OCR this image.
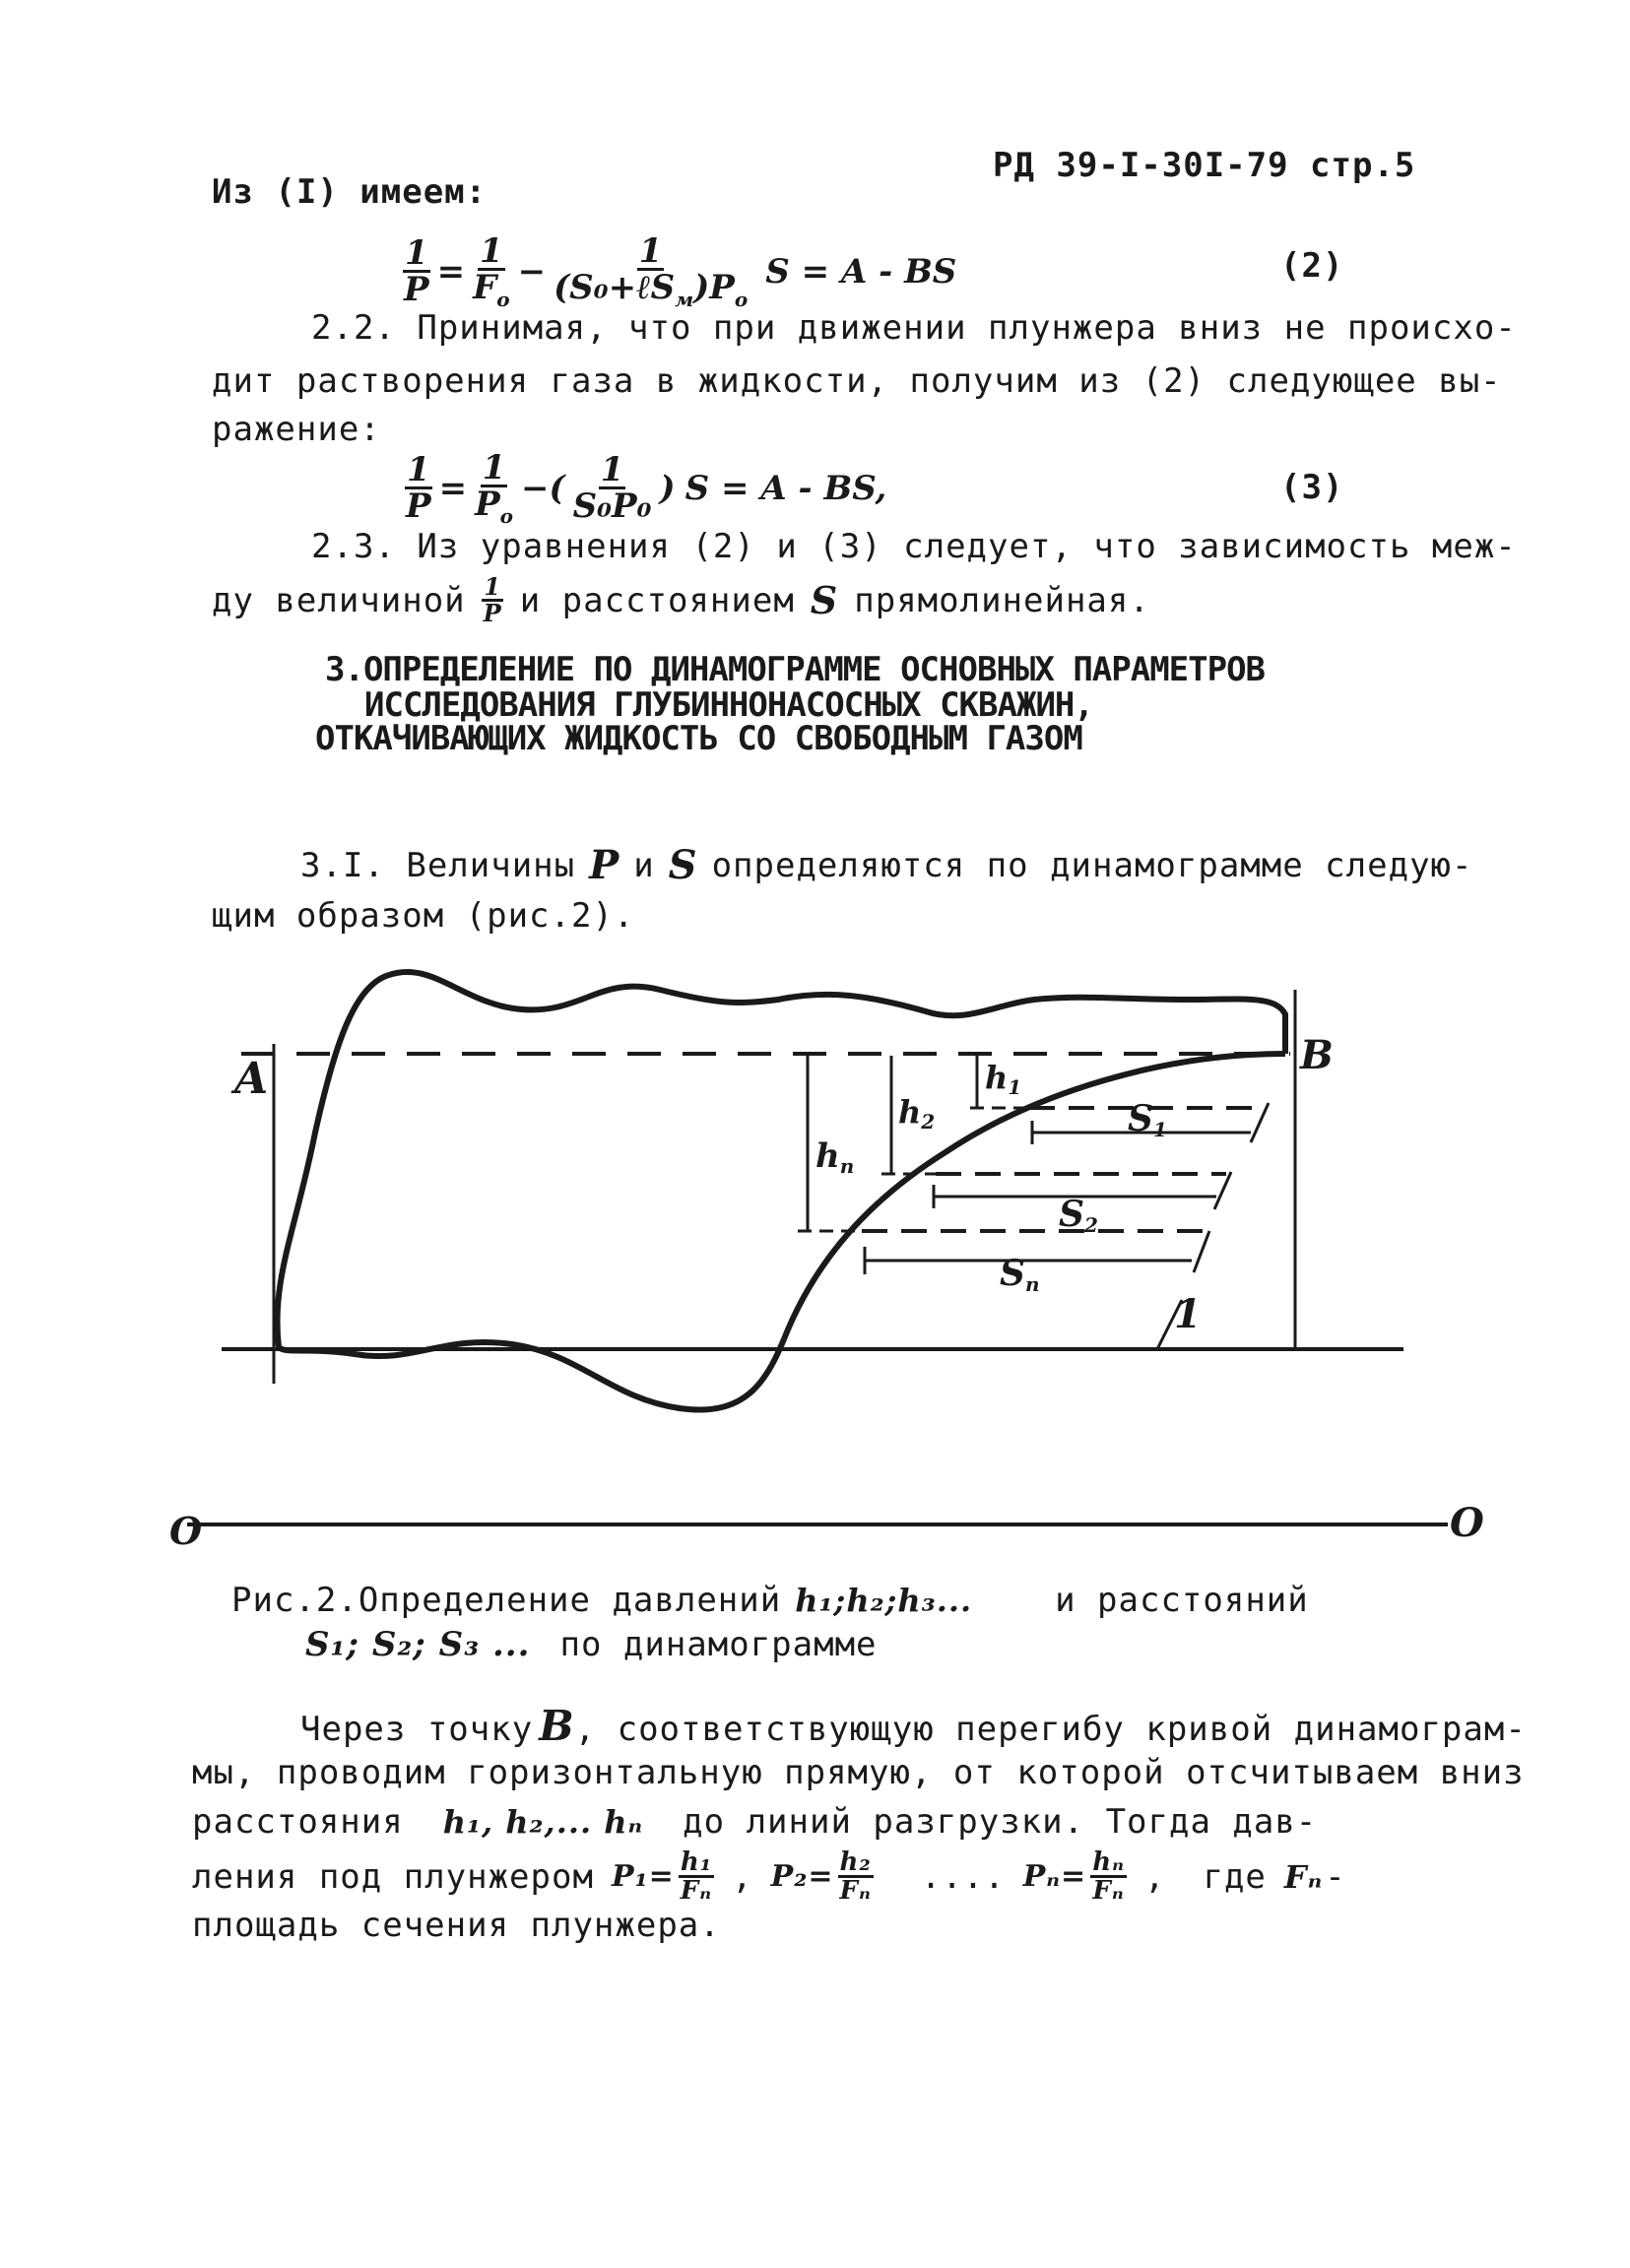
РД 39-I-30I-79 стр.5
Из (I) имеем:
$\frac{1}{P} = \frac{1}{F_o} - \frac{1}{(S_0+\ell S_м)P_o}$ S = A - BS	(2)
2.2. Принимая, что при движении плунжера вниз не происхо-
дит растворения газа в жидкости, получим из (2) следующее вы-
ражение:
$\frac{1}{P} = \frac{1}{P_o}$ −( $\frac{1}{\text{S₀P₀}}$ ) S = A - BS,	(3)
2.3. Из уравнения (2) и (3) следует, что зависимость меж-
ду величиной $\frac{1}{P}$ и расстоянием S прямолинейная.
3.ОПРЕДЕЛЕНИЕ ПО ДИНАМОГРАММЕ ОСНОВНЫХ ПАРАМЕТРОВ
ИССЛЕДОВАНИЯ ГЛУБИННОНАСОСНЫХ СКВАЖИН,
ОТКАЧИВАЮЩИХ ЖИДКОСТЬ СО СВОБОДНЫМ ГАЗОМ
3.I. Величины P и S определяются по динамограмме следую-
щим образом (рис.2).
A	B
1
O	O
h1
h2
hn
S1
S2
Sn
Рис.2.Определение давлений h₁;h₂;h₃... и расстояний
S₁; S₂; S₃ ... по динамограмме
Через точку B , соответствующую перегибу кривой динамограм-
мы, проводим горизонтальную прямую, от которой отсчитываем вниз
расстояния h₁, h₂,... hₙ до линий разгрузки. Тогда дав-
ления под плунжером $P_1= \frac{\text{h₁}}{\text{Fₙ}}$ , $P_2= \frac{\text{h₂}}{\text{Fₙ}}$ .... $P_n= \frac{\text{hₙ}}{\text{Fₙ}}$ , где Fₙ -
площадь сечения плунжера.
